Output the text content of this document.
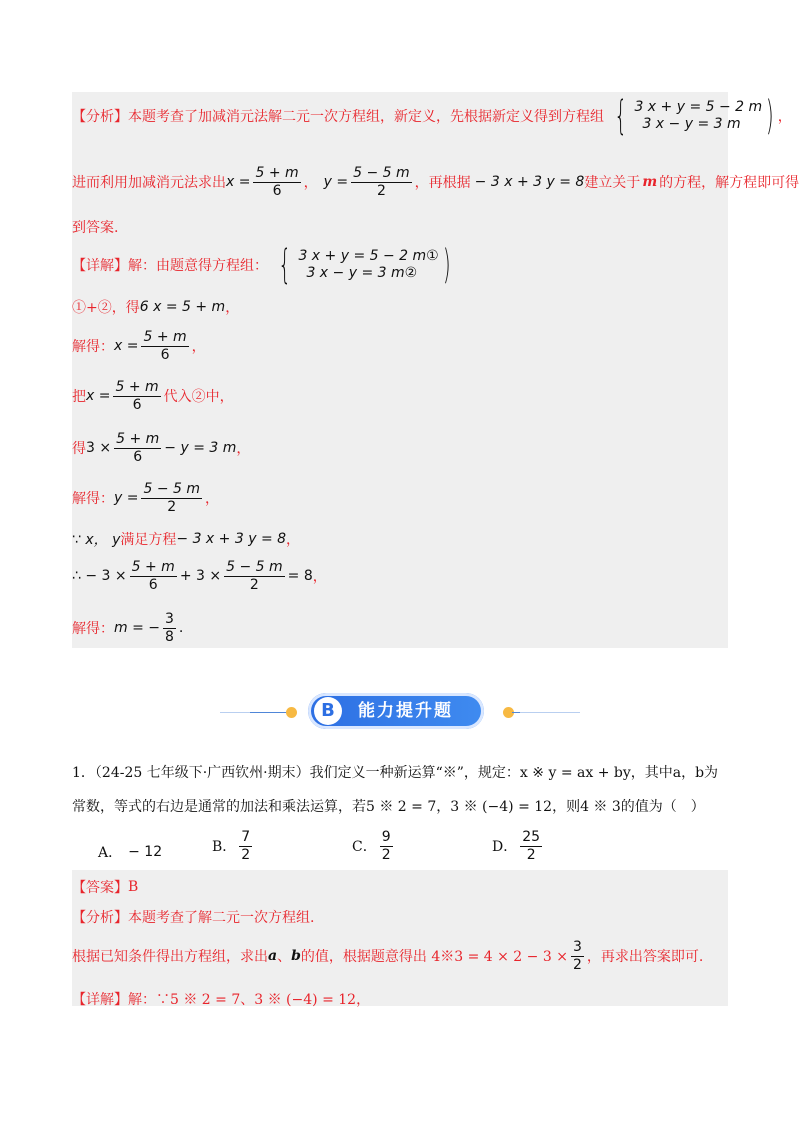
【分析】 本题考查了加减消元法解二元一次方程组，新定义，先根据新定义得到方程组 { 3 x + y = 5 − 2 m
3 x − y = 3 m ) ，
进而利用加减消元法求出 $x = \frac{5 + m}{6}$ ， $y = \frac{5 - 5 m}{2}$ ，再根据 − 3 x + 3 y = 8 建立关于 m 的方程，解方程即可得
到答案.
【详解】 解：由题意得方程组： { 3 x + y = 5 − 2 m①
3 x − y = 3 m② )
①+②，得 6 x = 5 + m ，
解得： $x = \frac{5 + m}{6}$ ，
把 $x = \frac{5 + m}{6}$ 代入②中，
得 $3 \times \frac{5 + m}{6} - y = 3$ m ，
解得： $y = \frac{5 - 5 m}{2}$ ，
∵ x， y 满足方程 − 3 x + 3 y = 8 ，
∴ − $3 \times \frac{5 + m}{6} + 3 \times \frac{5 - 5 m}{2} = 8$ ，
解得： m = − $\frac{3}{8}$ .
B	能力提升题
1．（24-25 七年级下·广西钦州·期末）我们定义一种新运算“※”，规定：x ※ y = ax + by，其中a，b为
常数，等式的右边是通常的加法和乘法运算，若5 ※ 2 = 7，3 ※ (−4) = 12，则4 ※ 3的值为（　）
A． − 12	B． $\frac{7}{2}$	C． $\frac{9}{2}$	D． $\frac{25}{2}$
【答案】 B
【分析】 本题考查了解二元一次方程组.
根据已知条件得出方程组，求出 a 、 b 的值，根据题意得出 4※3 = $4 \times 2 - 3 \times \frac{3}{2}$ ，再求出答案即可.
【详解】 解：∵5 ※ 2 = 7、3 ※ (−4) = 12，
